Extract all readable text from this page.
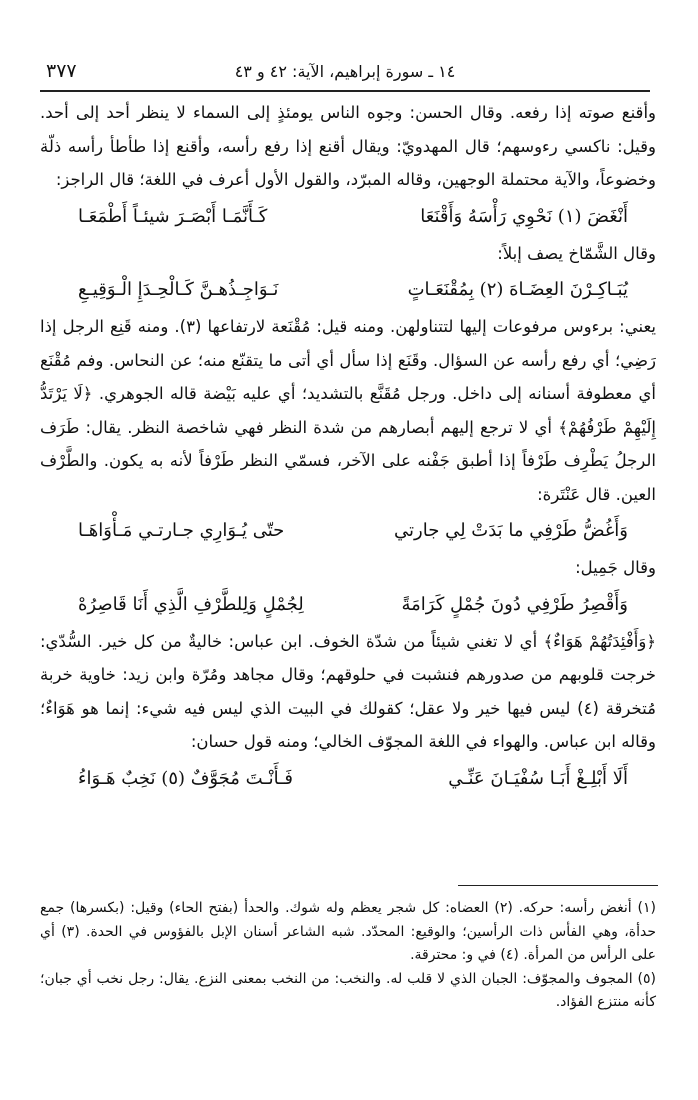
١٤ ـ سورة إبراهيم، الآية: ٤٢ و ٤٣
٣٧٧

وأقنع صوته إذا رفعه. وقال الحسن: وجوه الناس يومئذٍ إلى السماء لا ينظر أحد إلى أحد. وقيل: ناكسي رءوسهم؛ قال المهدويّ: ويقال أقنع إذا رفع رأسه، وأقنع إذا طأطأ رأسه ذلّة وخضوعاً، والآية محتملة الوجهين، وقاله المبرّد، والقول الأول أعرف في اللغة؛ قال الراجز:

أَنْغَضَ (١) نَحْوِي رَأْسَهُ وَأَقْنَعَا
كَـأَنَّمَـا أَبْصَـرَ شيئـاً أَطْمَعَـا

وقال الشَّمّاخ يصف إبلاً:

يُبَـاكِـرْنَ العِضَـاهَ (٢) بِمُقْنَعَـاتٍ
نَـوَاجِـذُهـنَّ كَـالْحِـدَإِ الْـوَقِيـعِ

يعني: برءوس مرفوعات إليها لتتناولهن. ومنه قيل: مُقْنَعة لارتفاعها (٣). ومنه قَنِع الرجل إذا رَضِي؛ أي رفع رأسه عن السؤال. وقَنَع إذا سأل أي أتى ما يتقنّع منه؛ عن النحاس. وفم مُقْنَع أي معطوفة أسنانه إلى داخل. ورجل مُقَنَّع بالتشديد؛ أي عليه بَيْضة قاله الجوهري. ﴿لَا يَرْتَدُّ إِلَيْهِمْ طَرْفُهُمْ﴾ أي لا ترجع إليهم أبصارهم من شدة النظر فهي شاخصة النظر. يقال: طَرَف الرجلُ يَطْرِف طَرْفاً إذا أطبق جَفْنه على الآخر، فسمّي النظر طَرْفاً لأنه به يكون. والطَّرْف العين. قال عَنْتَرة:

وَأَغُضُّ طَرْفِي ما بَدَتْ لِي جارتي
حتّى يُـوَارِي جـارتـي مَـأْوَاهَـا

وقال جَمِيل:

وَأَقْصِرُ طَرْفِي دُونَ جُمْلٍ كَرَامَةً
لِجُمْلٍ وَلِلطَّرْفِ الَّذِي أَنَا قَاصِرُهْ

﴿وَأَفْئِدَتُهُمْ هَوَاءٌ﴾ أي لا تغني شيئاً من شدّة الخوف. ابن عباس: خاليةٌ من كل خير. السُّدّي: خرجت قلوبهم من صدورهم فنشبت في حلوقهم؛ وقال مجاهد ومُرّة وابن زيد: خاوية خربة مُتخرقة (٤) ليس فيها خير ولا عقل؛ كقولك في البيت الذي ليس فيه شيء: إنما هو هَوَاءٌ؛ وقاله ابن عباس. والهواء في اللغة المجوّف الخالي؛ ومنه قول حسان:

أَلَا أَبْلِـغْ أَبَـا سُفْيَـانَ عَنِّـي
فَـأَنْـتَ مُجَوَّفٌ (٥) نَخِبٌ هَـوَاءُ

(١) أنغض رأسه: حركه. (٢) العضاه: كل شجر يعظم وله شوك. والحدأ (بفتح الحاء) وقيل: (بكسرها) جمع حدأة، وهي الفأس ذات الرأسين؛ والوقيع: المحدّد. شبه الشاعر أسنان الإبل بالفؤوس في الحدة. (٣) أي على الرأس من المرأة. (٤) في و: محترقة.

(٥) المجوف والمجوّف: الجبان الذي لا قلب له. والنخب: من النخب بمعنى النزع. يقال: رجل نخب أي جبان؛ كأنه منتزع الفؤاد.
